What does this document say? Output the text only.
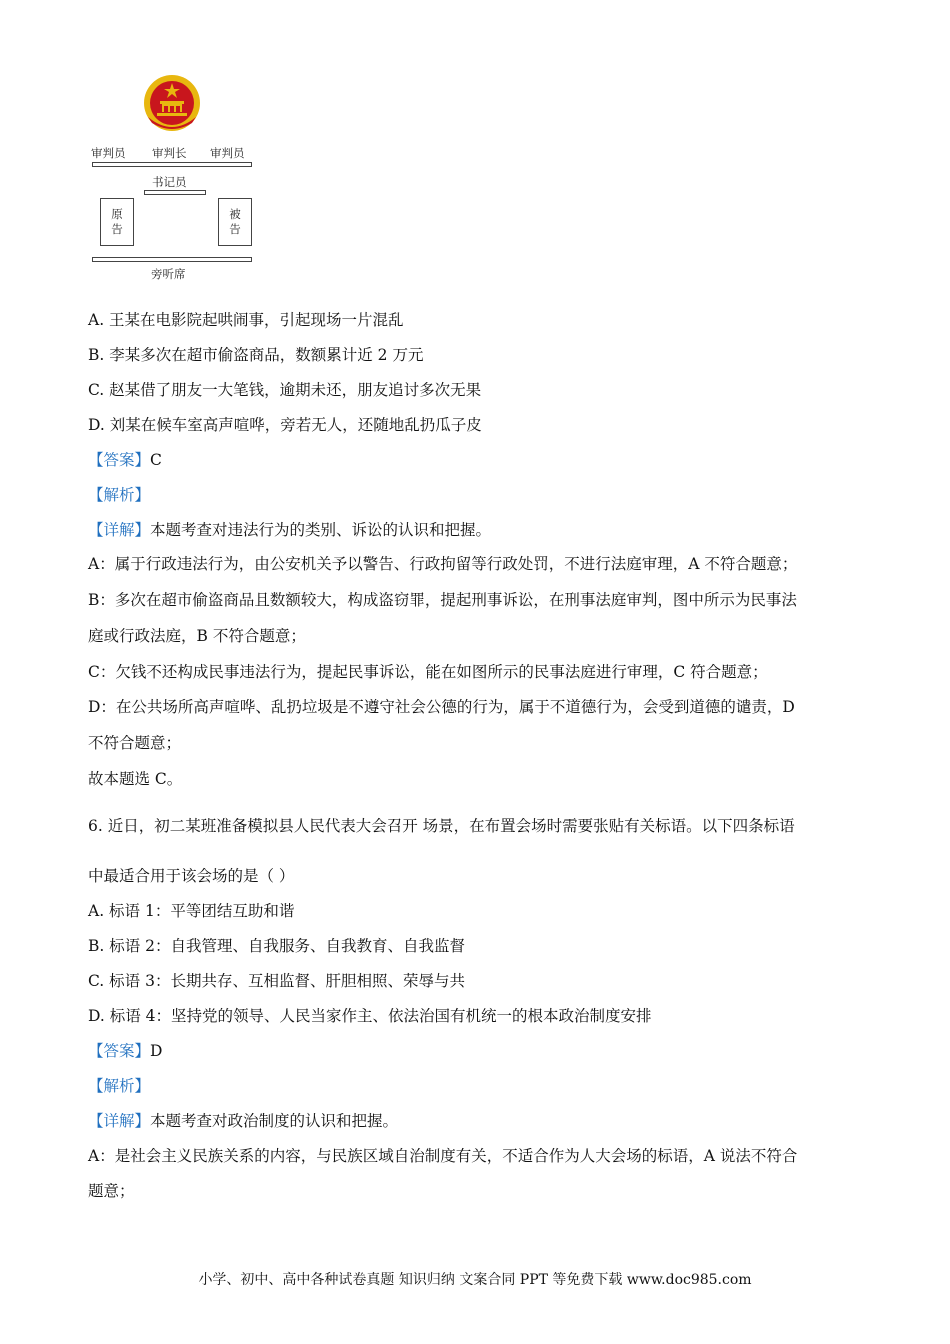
审判员 审判长 审判员
书记员
原
告
被
告
旁听席
A. 王某在电影院起哄闹事，引起现场一片混乱
B. 李某多次在超市偷盗商品，数额累计近 2 万元
C. 赵某借了朋友一大笔钱，逾期未还，朋友追讨多次无果
D. 刘某在候车室高声喧哗，旁若无人，还随地乱扔瓜子皮
【答案】C
【解析】
【详解】本题考查对违法行为的类别、诉讼的认识和把握。
A：属于行政违法行为，由公安机关予以警告、行政拘留等行政处罚，不进行法庭审理，A 不符合题意；
B：多次在超市偷盗商品且数额较大，构成盗窃罪，提起刑事诉讼，在刑事法庭审判，图中所示为民事法
庭或行政法庭，B 不符合题意；
C：欠钱不还构成民事违法行为，提起民事诉讼，能在如图所示的民事法庭进行审理，C 符合题意；
D：在公共场所高声喧哗、乱扔垃圾是不遵守社会公德的行为，属于不道德行为，会受到道德的谴责，D
不符合题意；
故本题选 C。
6. 近日，初二某班准备模拟县人民代表大会召开 场景，在布置会场时需要张贴有关标语。以下四条标语
中最适合用于该会场的是（ ）
A. 标语 1：平等团结互助和谐
B. 标语 2：自我管理、自我服务、自我教育、自我监督
C. 标语 3：长期共存、互相监督、肝胆相照、荣辱与共
D. 标语 4：坚持党的领导、人民当家作主、依法治国有机统一的根本政治制度安排
【答案】D
【解析】
【详解】本题考查对政治制度的认识和把握。
A：是社会主义民族关系的内容，与民族区域自治制度有关，不适合作为人大会场的标语，A 说法不符合
题意；
小学、初中、高中各种试卷真题 知识归纳 文案合同 PPT 等免费下载 www.doc985.com
